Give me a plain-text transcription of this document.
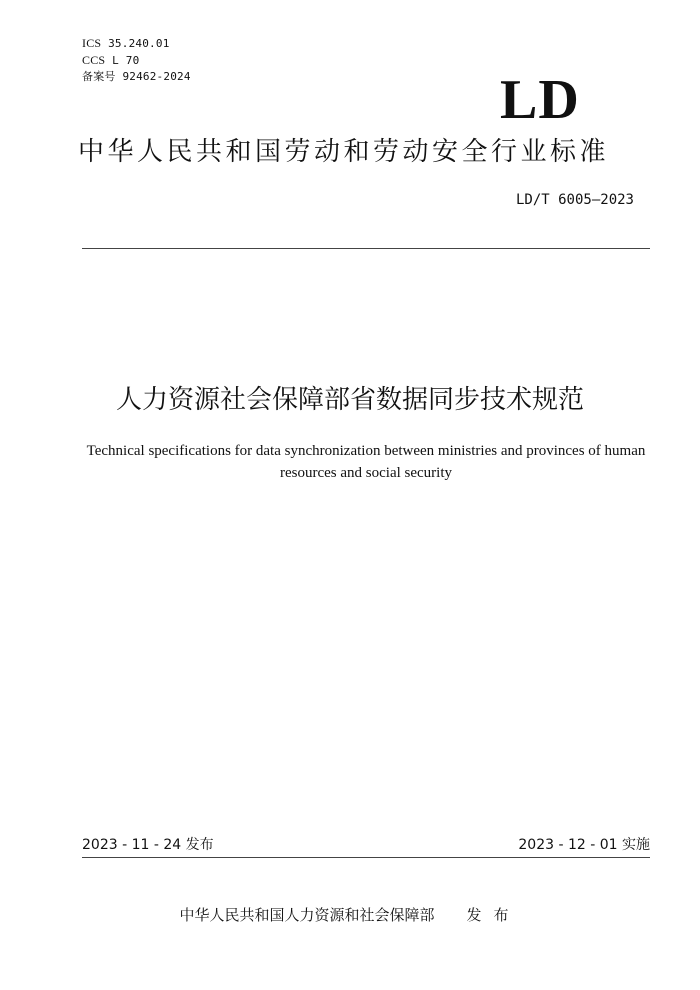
ICS 35.240.01
CCS L 70
备案号 92462-2024	LD
中华人民共和国劳动和劳动安全行业标准
LD/T 6005—2023
人力资源社会保障部省数据同步技术规范
Technical specifications for data synchronization between ministries and provinces of human resources and social security
2023 - 11 - 24 发布	2023 - 12 - 01 实施
中华人民共和国人力资源和社会保障部 发布
